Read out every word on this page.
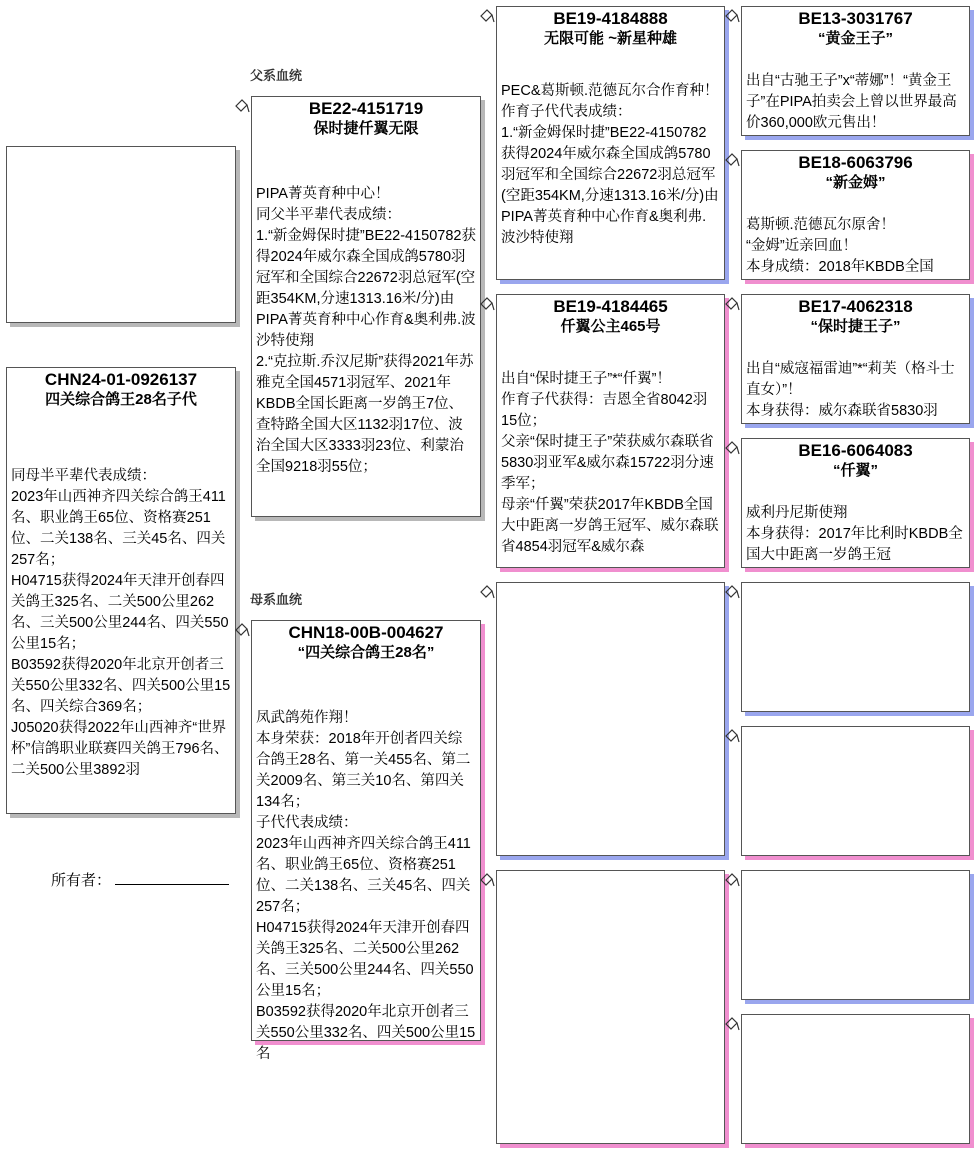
父系血统
母系血统
CHN24-01-0926137
四关综合鸽王28名子代
同母半平辈代表成绩：
2023年山西神齐四关综合鸽王411名、职业鸽王65位、资格赛251位、二关138名、三关45名、四关257名；
H04715获得2024年天津开创春四关鸽王325名、二关500公里262名、三关500公里244名、四关550公里15名；
B03592获得2020年北京开创者三关550公里332名、四关500公里15名、四关综合369名；
J05020获得2022年山西神齐“世界杯”信鸽职业联赛四关鸽王796名、二关500公里3892羽
所有者：
BE22-4151719
保时捷仟翼无限
PIPA菁英育种中心！
同父半平辈代表成绩：
1.“新金姆保时捷”BE22-4150782获得2024年威尔森全国成鸽5780羽冠军和全国综合22672羽总冠军(空距354KM,分速1313.16米/分)由PIPA菁英育种中心作育&奥利弗.波沙特使翔
2.“克拉斯.乔汉尼斯”获得2021年苏雅克全国4571羽冠军、2021年KBDB全国长距离一岁鸽王7位、查特路全国大区1132羽17位、波治全国大区3333羽23位、利蒙治全国9218羽55位；
CHN18-00B-004627
“四关综合鸽王28名”
凤武鸽苑作翔！
本身荣获：2018年开创者四关综合鸽王28名、第一关455名、第二关2009名、第三关10名、第四关134名；
子代代表成绩：
2023年山西神齐四关综合鸽王411名、职业鸽王65位、资格赛251位、二关138名、三关45名、四关257名；
H04715获得2024年天津开创春四关鸽王325名、二关500公里262名、三关500公里244名、四关550公里15名；
B03592获得2020年北京开创者三关550公里332名、四关500公里15名
BE19-4184888
无限可能 ~新星种雄
PEC&葛斯顿.范德瓦尔合作育种！
作育子代代表成绩：
1.“新金姆保时捷”BE22-4150782获得2024年威尔森全国成鸽5780羽冠军和全国综合22672羽总冠军(空距354KM,分速1313.16米/分)由PIPA菁英育种中心作育&奥利弗.波沙特使翔
BE19-4184465
仟翼公主465号
出自“保时捷王子”*“仟翼”！
作育子代获得：吉恩全省8042羽15位；
父亲“保时捷王子”荣获威尔森联省5830羽亚军&威尔森15722羽分速季军；
母亲“仟翼”荣获2017年KBDB全国大中距离一岁鸽王冠军、威尔森联省4854羽冠军&威尔森
BE13-3031767
“黄金王子”
出自“古驰王子”x“蒂娜”！“黄金王子”在PIPA拍卖会上曾以世界最高价360,000欧元售出！
BE18-6063796
“新金姆”
葛斯顿.范德瓦尔原舍！
“金姆”近亲回血！
本身成绩：2018年KBDB全国
BE17-4062318
“保时捷王子”
出自“威寇福雷迪”*“莉芙（格斗士直女）”！
本身获得：威尔森联省5830羽
BE16-6064083
“仟翼”
威利丹尼斯使翔
本身获得：2017年比利时KBDB全国大中距离一岁鸽王冠
